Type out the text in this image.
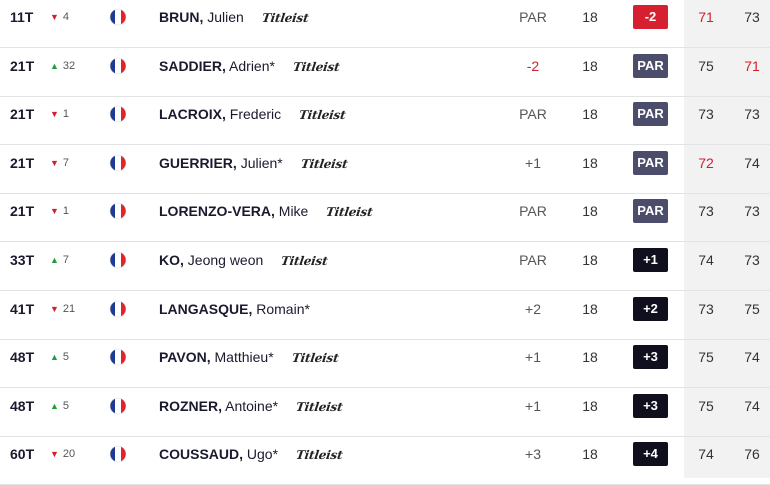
11T	▼ 4	BRUN, Julien Titleist	PAR	18	-2	71	73
21T	▲ 32	SADDIER, Adrien* Titleist	-2	18	PAR	75	71
21T	▼ 1	LACROIX, Frederic Titleist	PAR	18	PAR	73	73
21T	▼ 7	GUERRIER, Julien* Titleist	+1	18	PAR	72	74
21T	▼ 1	LORENZO-VERA, Mike Titleist	PAR	18	PAR	73	73
33T	▲ 7	KO, Jeong weon Titleist	PAR	18	+1	74	73
41T	▼ 21	LANGASQUE, Romain*	+2	18	+2	73	75
48T	▲ 5	PAVON, Matthieu* Titleist	+1	18	+3	75	74
48T	▲ 5	ROZNER, Antoine* Titleist	+1	18	+3	75	74
60T	▼ 20	COUSSAUD, Ugo* Titleist	+3	18	+4	74	76
